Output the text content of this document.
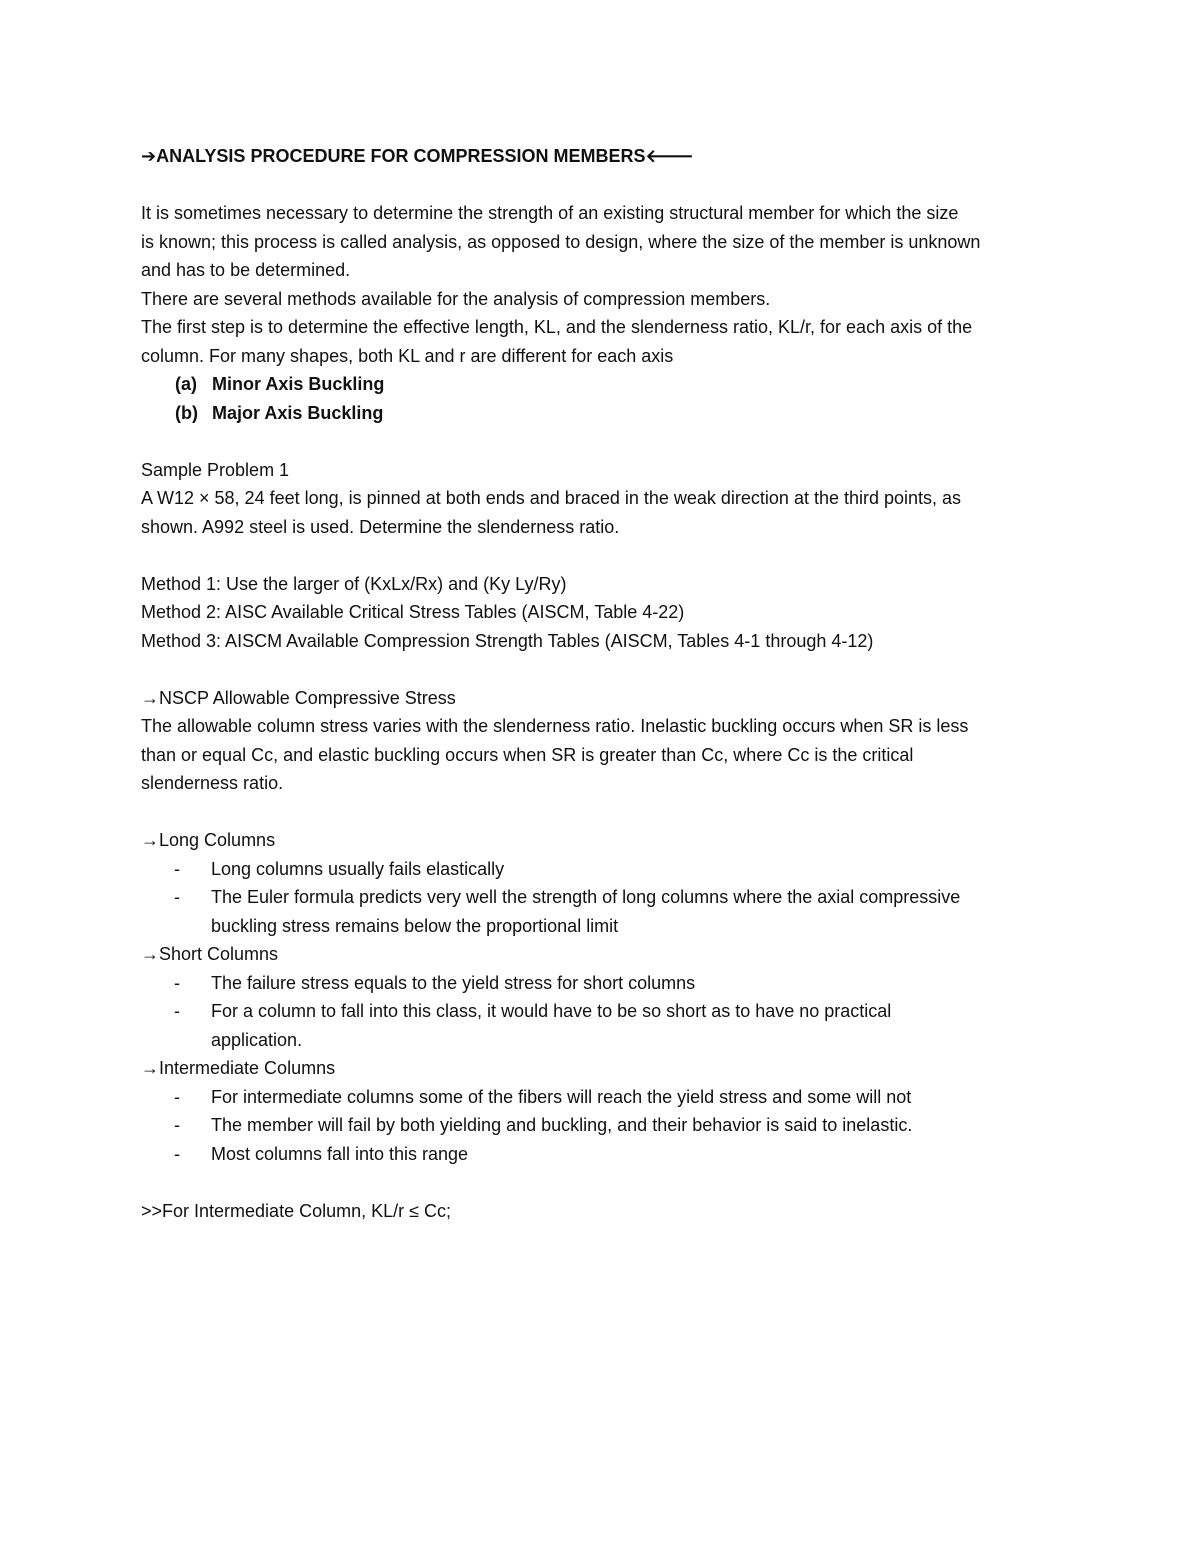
➔ANALYSIS PROCEDURE FOR COMPRESSION MEMBERS🡐
It is sometimes necessary to determine the strength of an existing structural member for which the size
is known; this process is called analysis, as opposed to design, where the size of the member is unknown
and has to be determined.
There are several methods available for the analysis of compression members.
The first step is to determine the effective length, KL, and the slenderness ratio, KL/r, for each axis of the
column. For many shapes, both KL and r are different for each axis
(a) Minor Axis Buckling
(b) Major Axis Buckling
Sample Problem 1
A W12 × 58, 24 feet long, is pinned at both ends and braced in the weak direction at the third points, as
shown. A992 steel is used. Determine the slenderness ratio.
Method 1: Use the larger of (KxLx/Rx) and (Ky Ly/Ry)
Method 2: AISC Available Critical Stress Tables (AISCM, Table 4-22)
Method 3: AISCM Available Compression Strength Tables (AISCM, Tables 4-1 through 4-12)
→NSCP Allowable Compressive Stress
The allowable column stress varies with the slenderness ratio. Inelastic buckling occurs when SR is less
than or equal Cc, and elastic buckling occurs when SR is greater than Cc, where Cc is the critical
slenderness ratio.
→Long Columns
-	Long columns usually fails elastically
-	The Euler formula predicts very well the strength of long columns where the axial compressive
buckling stress remains below the proportional limit
→Short Columns
-	The failure stress equals to the yield stress for short columns
-	For a column to fall into this class, it would have to be so short as to have no practical
application.
→Intermediate Columns
-	For intermediate columns some of the fibers will reach the yield stress and some will not
-	The member will fail by both yielding and buckling, and their behavior is said to inelastic.
-	Most columns fall into this range
>>For Intermediate Column, KL/r ≤ Cc;
